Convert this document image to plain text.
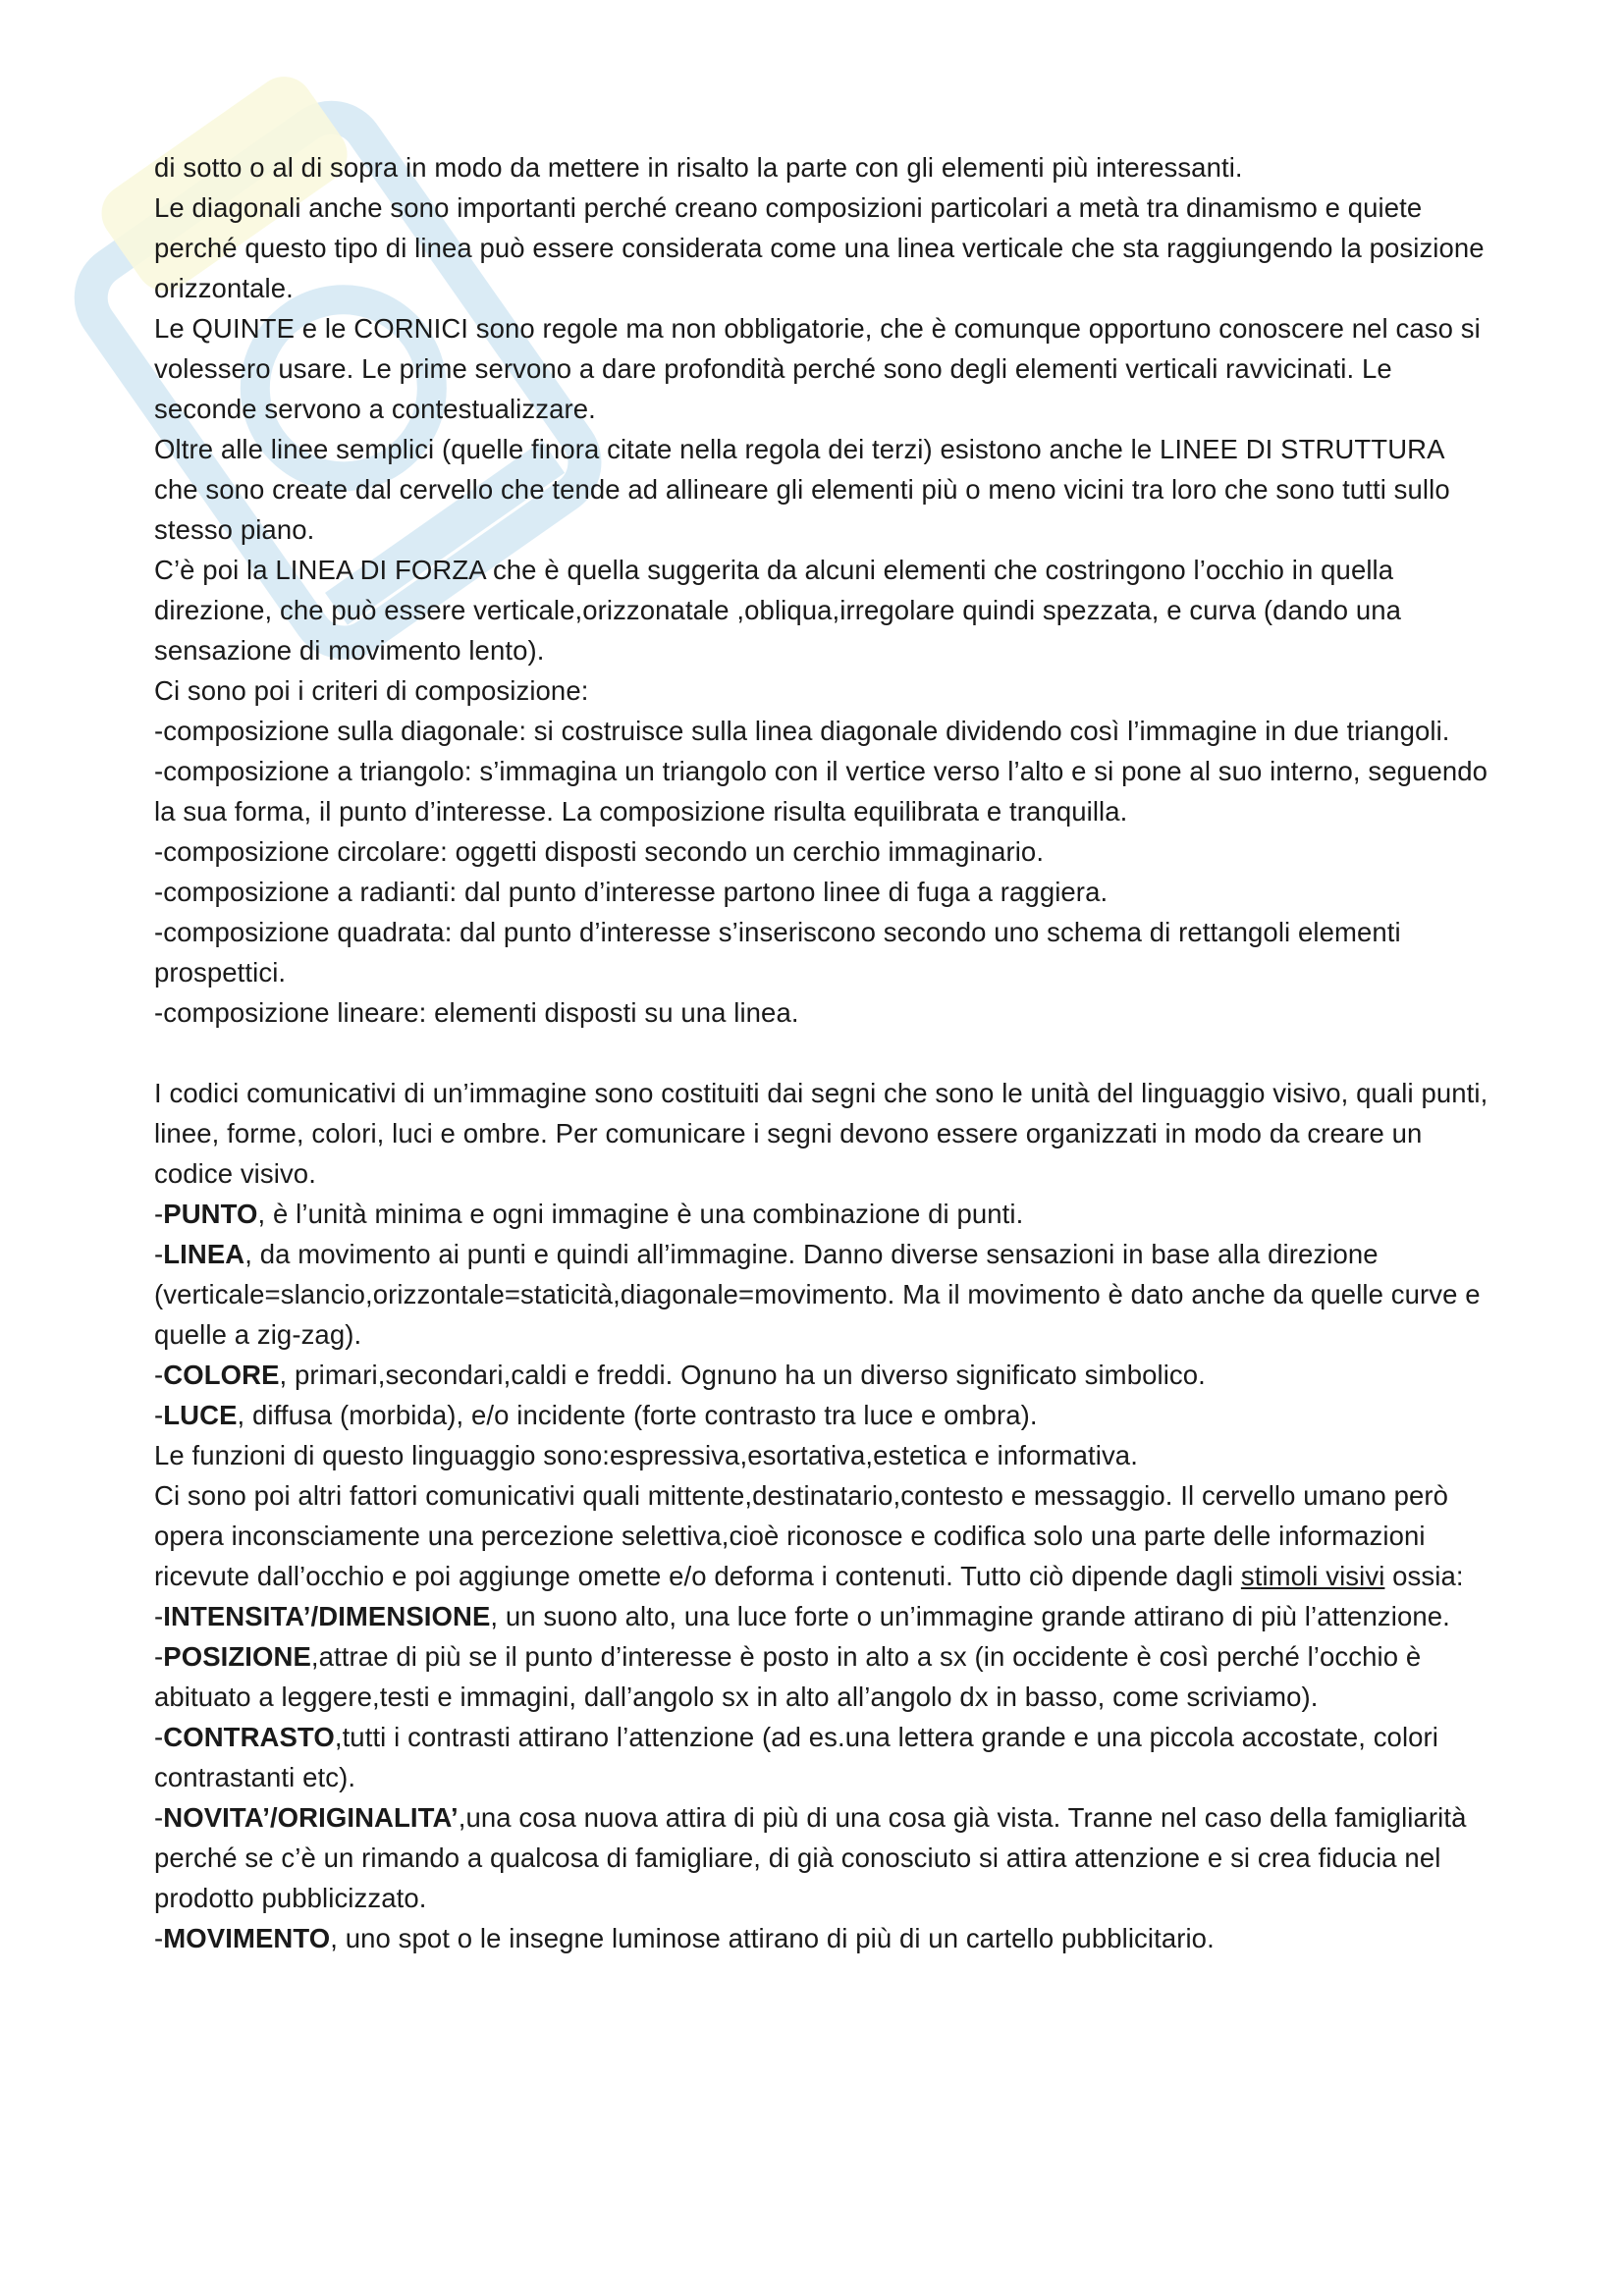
di sotto o al di sopra in modo da mettere in risalto la parte con gli elementi più interessanti.

Le diagonali anche sono importanti perché creano composizioni particolari a metà tra dinamismo e quiete perché questo tipo di linea può essere considerata come una linea verticale che sta raggiungendo la posizione orizzontale.

Le QUINTE e le CORNICI sono regole ma non obbligatorie, che è comunque opportuno conoscere nel caso si volessero usare. Le prime servono a dare profondità perché sono degli elementi verticali ravvicinati. Le seconde servono a contestualizzare.

Oltre alle linee semplici (quelle finora citate nella regola dei terzi) esistono anche le LINEE DI STRUTTURA che sono create dal cervello che tende ad allineare gli elementi più o meno vicini tra loro che sono tutti sullo stesso piano.

C’è poi la LINEA DI FORZA che è quella suggerita da alcuni elementi che costringono l’occhio in quella direzione, che può essere verticale,orizzonatale ,obliqua,irregolare quindi spezzata, e curva (dando una sensazione di movimento lento).

Ci sono poi i criteri di composizione:

-composizione sulla diagonale: si costruisce sulla linea diagonale dividendo così l’immagine in due triangoli.

-composizione a triangolo: s’immagina un triangolo con il vertice verso l’alto e si pone al suo interno, seguendo la sua forma, il punto d’interesse. La composizione risulta equilibrata e tranquilla.

-composizione circolare: oggetti disposti secondo un cerchio immaginario.

-composizione a radianti: dal punto d’interesse partono linee di fuga a raggiera.

-composizione quadrata: dal punto d’interesse s’inseriscono secondo uno schema di rettangoli elementi prospettici.

-composizione lineare: elementi disposti su una linea.

I codici comunicativi di un’immagine sono costituiti dai segni che sono le unità del linguaggio visivo, quali punti, linee, forme, colori, luci e ombre. Per comunicare i segni devono essere organizzati in modo da creare un codice visivo.

-PUNTO, è l’unità minima e ogni immagine è una combinazione di punti.

-LINEA, da movimento ai punti e quindi all’immagine. Danno diverse sensazioni in base alla direzione (verticale=slancio,orizzontale=staticità,diagonale=movimento. Ma il movimento è dato anche da quelle curve e quelle a zig-zag).

-COLORE, primari,secondari,caldi e freddi. Ognuno ha un diverso significato simbolico.

-LUCE, diffusa (morbida), e/o incidente (forte contrasto tra luce e ombra).

Le funzioni di questo linguaggio sono:espressiva,esortativa,estetica e informativa.

Ci sono poi altri fattori comunicativi quali mittente,destinatario,contesto e messaggio. Il cervello umano però opera inconsciamente una percezione selettiva,cioè riconosce e codifica solo una parte delle informazioni ricevute dall’occhio e poi aggiunge omette e/o deforma i contenuti. Tutto ciò dipende dagli stimoli visivi ossia:

-INTENSITA’/DIMENSIONE, un suono alto, una luce forte o un’immagine grande attirano di più l’attenzione.

-POSIZIONE,attrae di più se il punto d’interesse è posto in alto a sx (in occidente è così perché l’occhio è abituato a leggere,testi e immagini, dall’angolo sx in alto all’angolo dx in basso, come scriviamo).

-CONTRASTO,tutti i contrasti attirano l’attenzione (ad es.una lettera grande e una piccola accostate, colori contrastanti etc).

-NOVITA’/ORIGINALITA’,una cosa nuova attira di più di una cosa già vista. Tranne nel caso della famigliarità perché se c’è un rimando a qualcosa di famigliare, di già conosciuto si attira attenzione e si crea fiducia nel prodotto pubblicizzato.

-MOVIMENTO, uno spot o le insegne luminose attirano di più di un cartello pubblicitario.
